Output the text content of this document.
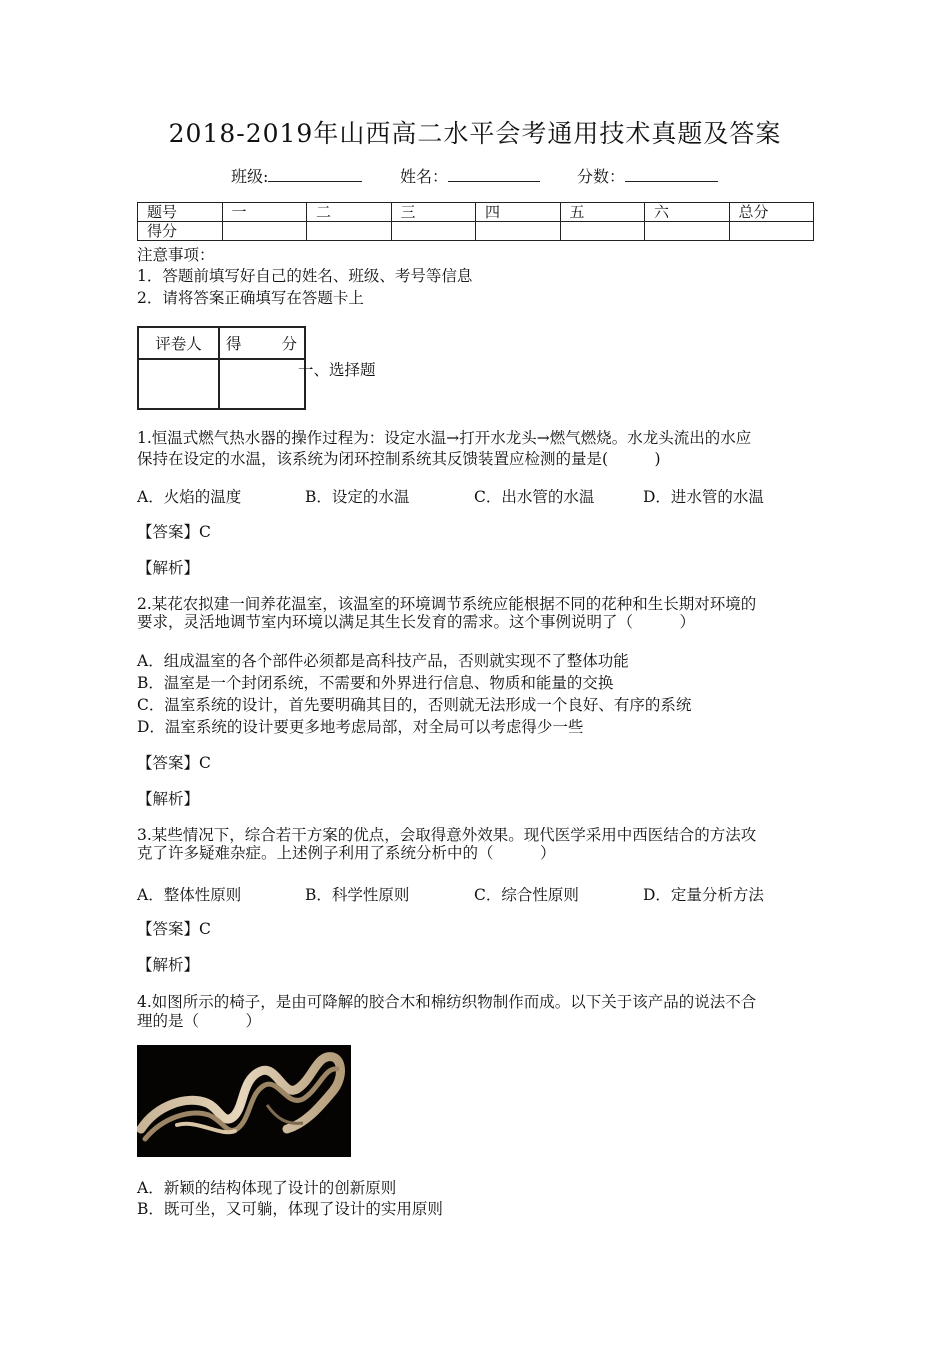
2018-2019年山西高二水平会考通用技术真题及答案
班级:	姓名：	分数：
题号	一	二	三	四	五	六	总分
得分							
注意事项：
1．答题前填写好自己的姓名、班级、考号等信息
2．请将答案正确填写在答题卡上
评卷人	得 分

一、选择题
1.恒温式燃气热水器的操作过程为：设定水温→打开水龙头→燃气燃烧。水龙头流出的水应
保持在设定的水温，该系统为闭环控制系统其反馈装置应检测的量是(　　　)
A．火焰的温度	B．设定的水温	C．出水管的水温	D．进水管的水温
【答案】C
【解析】
2.某花农拟建一间养花温室，该温室的环境调节系统应能根据不同的花种和生长期对环境的
要求，灵活地调节室内环境以满足其生长发育的需求。这个事例说明了（　　　）
A．组成温室的各个部件必须都是高科技产品，否则就实现不了整体功能
B．温室是一个封闭系统，不需要和外界进行信息、物质和能量的交换
C．温室系统的设计，首先要明确其目的，否则就无法形成一个良好、有序的系统
D．温室系统的设计要更多地考虑局部，对全局可以考虑得少一些
【答案】C
【解析】
3.某些情况下，综合若干方案的优点，会取得意外效果。现代医学采用中西医结合的方法攻
克了许多疑难杂症。上述例子利用了系统分析中的（　　　）
A．整体性原则	B．科学性原则	C．综合性原则	D．定量分析方法
【答案】C
【解析】
4.如图所示的椅子，是由可降解的胶合木和棉纺织物制作而成。以下关于该产品的说法不合
理的是（　　　）
A．新颖的结构体现了设计的创新原则
B．既可坐，又可躺，体现了设计的实用原则
